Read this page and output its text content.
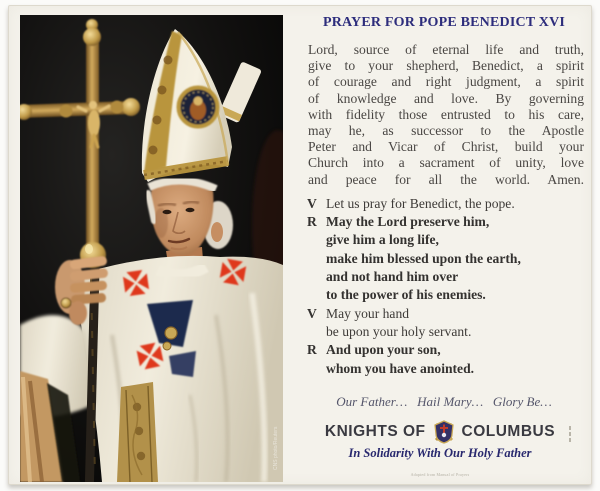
CNS photo/Reuters
PRAYER FOR POPE BENEDICT XVI
Lord, source of eternal life and truth,
give to your shepherd, Benedict, a spirit
of courage and right judgment, a spirit
of knowledge and love. By governing
with fidelity those entrusted to his care,
may he, as successor to the Apostle
Peter and Vicar of Christ, build your
Church into a sacrament of unity, love
and peace for all the world. Amen.
V Let us pray for Benedict, the pope.
R May the Lord preserve him,
give him a long life,
make him blessed upon the earth,
and not hand him over
to the power of his enemies.
V May your hand
be upon your holy servant.
R And upon your son,
whom you have anointed.
Our Father…   Hail Mary…   Glory Be…
KNIGHTS OF COLUMBUS
In Solidarity With Our Holy Father
Adapted from Manual of Prayers
